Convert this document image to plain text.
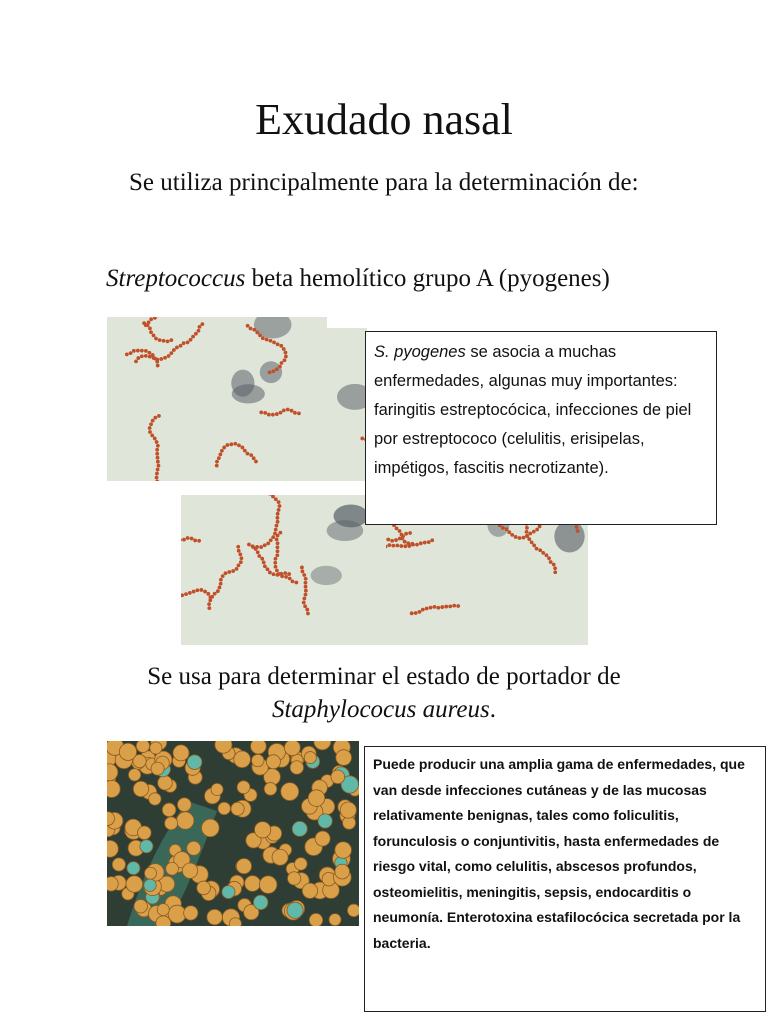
Exudado nasal
Se utiliza principalmente para la determinación de:
Streptococcus beta hemolítico grupo A (pyogenes)
S. pyogenes se asocia a muchas enfermedades, algunas muy importantes: faringitis estreptocócica, infecciones de piel por estreptococo (celulitis, erisipelas, impétigos, fascitis necrotizante).
Se usa para determinar el estado de portador de
Staphylococus aureus.
Puede producir una amplia gama de enfermedades, que van desde infecciones cutáneas y de las mucosas relativamente benignas, tales como foliculitis, forunculosis o conjuntivitis, hasta enfermedades de riesgo vital, como celulitis, abscesos profundos, osteomielitis, meningitis, sepsis, endocarditis o neumonía. Enterotoxina estafilocócica secretada por la bacteria.
